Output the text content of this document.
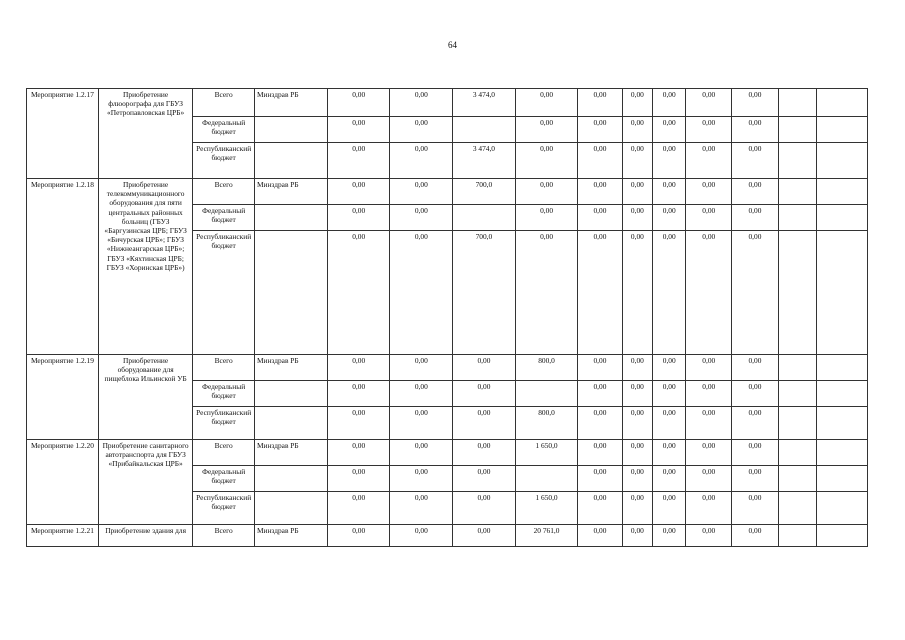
64
Мероприятие 1.2.17	Приобретение флюорографа для ГБУЗ «Петропавловская ЦРБ»	Всего	Минздрав РБ	0,00	0,00	3 474,0	0,00	0,00	0,00	0,00	0,00	0,00		
		Федеральный бюджет		0,00	0,00		0,00	0,00	0,00	0,00	0,00	0,00		
		Республиканский бюджет		0,00	0,00	3 474,0	0,00	0,00	0,00	0,00	0,00	0,00		
Мероприятие 1.2.18	Приобретение телекоммуникационного оборудования для пяти центральных районных больниц (ГБУЗ «Баргузинская ЦРБ; ГБУЗ «Бичурская ЦРБ»; ГБУЗ «Нижнеангарская ЦРБ»; ГБУЗ «Кяхтинская ЦРБ; ГБУЗ «Хоринская ЦРБ»)	Всего	Минздрав РБ	0,00	0,00	700,0	0,00	0,00	0,00	0,00	0,00	0,00		
		Федеральный бюджет		0,00	0,00		0,00	0,00	0,00	0,00	0,00	0,00		
		Республиканский бюджет		0,00	0,00	700,0	0,00	0,00	0,00	0,00	0,00	0,00		
Мероприятие 1.2.19	Приобретение оборудование для пищеблока Ильинской УБ	Всего	Минздрав РБ	0,00	0,00	0,00	800,0	0,00	0,00	0,00	0,00	0,00		
		Федеральный бюджет		0,00	0,00	0,00		0,00	0,00	0,00	0,00	0,00		
		Республиканский бюджет		0,00	0,00	0,00	800,0	0,00	0,00	0,00	0,00	0,00		
Мероприятие 1.2.20	Приобретение санитарного автотранспорта для ГБУЗ «Прибайкальская ЦРБ»	Всего	Минздрав РБ	0,00	0,00	0,00	1 650,0	0,00	0,00	0,00	0,00	0,00		
		Федеральный бюджет		0,00	0,00	0,00		0,00	0,00	0,00	0,00	0,00		
		Республиканский бюджет		0,00	0,00	0,00	1 650,0	0,00	0,00	0,00	0,00	0,00		
Мероприятие 1.2.21	Приобретение здания для	Всего	Минздрав РБ	0,00	0,00	0,00	20 761,0	0,00	0,00	0,00	0,00	0,00		
